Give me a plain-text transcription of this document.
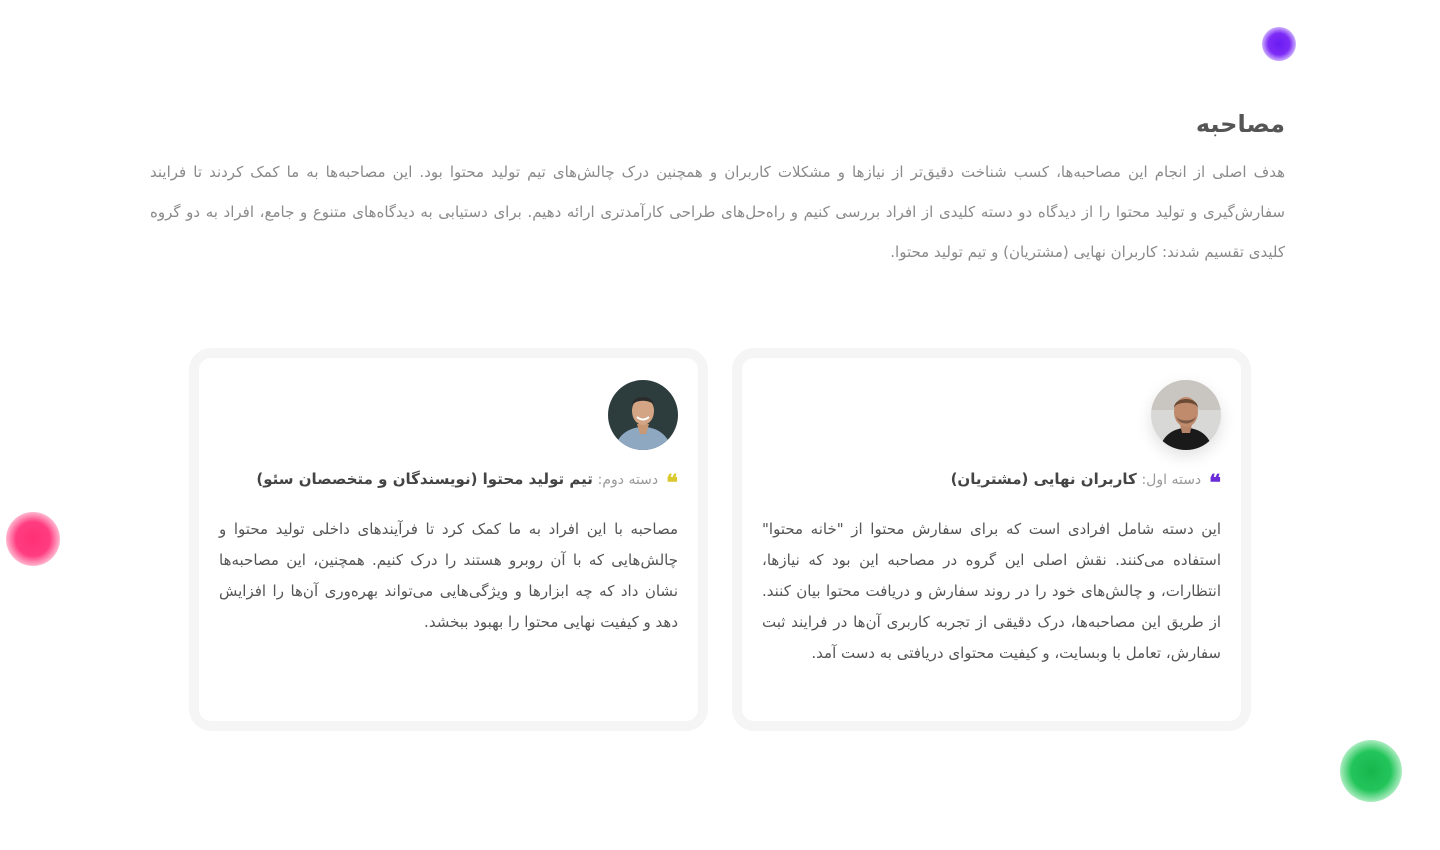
مصاحبه

هدف اصلی از انجام این مصاحبه‌ها، کسب شناخت دقیق‌تر از نیازها و مشکلات کاربران و همچنین درک چالش‌های تیم تولید محتوا بود. این مصاحبه‌ها به ما کمک کردند تا فرایند سفارش‌گیری و تولید محتوا را از دیدگاه دو دسته کلیدی از افراد بررسی کنیم و راه‌حل‌های طراحی کارآمدتری ارائه دهیم. برای دستیابی به دیدگاه‌های متنوع و جامع، افراد به دو گروه کلیدی تقسیم شدند: کاربران نهایی (مشتریان) و تیم تولید محتوا.

❝دسته اول: کاربران نهایی (مشتریان)

این دسته شامل افرادی است که برای سفارش محتوا از "خانه محتوا" استفاده می‌کنند. نقش اصلی این گروه در مصاحبه این بود که نیازها، انتظارات، و چالش‌های خود را در روند سفارش و دریافت محتوا بیان کنند. از طریق این مصاحبه‌ها، درک دقیقی از تجربه کاربری آن‌ها در فرایند ثبت سفارش، تعامل با وبسایت، و کیفیت محتوای دریافتی به دست آمد.

❝دسته دوم: تیم تولید محتوا (نویسندگان و متخصصان سئو)

مصاحبه با این افراد به ما کمک کرد تا فرآیندهای داخلی تولید محتوا و چالش‌هایی که با آن روبرو هستند را درک کنیم. همچنین، این مصاحبه‌ها نشان داد که چه ابزارها و ویژگی‌هایی می‌تواند بهره‌وری آن‌ها را افزایش دهد و کیفیت نهایی محتوا را بهبود ببخشد.
